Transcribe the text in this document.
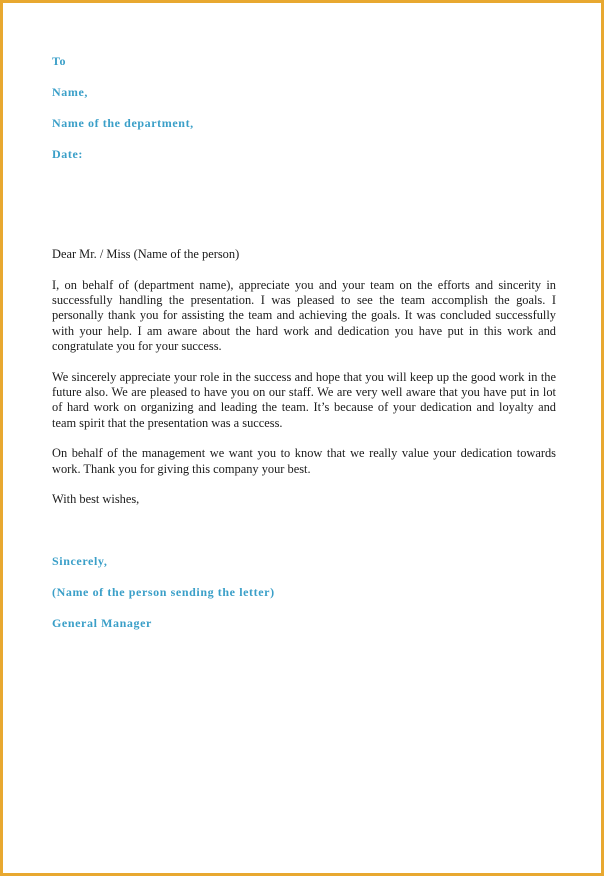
To
Name,
Name of the department,
Date:
Dear Mr. / Miss (Name of the person)

I, on behalf of (department name), appreciate you and your team on the efforts and sincerity in successfully handling the presentation. I was pleased to see the team accomplish the goals. I personally thank you for assisting the team and achieving the goals. It was concluded successfully with your help. I am aware about the hard work and dedication you have put in this work and congratulate you for your success.

We sincerely appreciate your role in the success and hope that you will keep up the good work in the future also. We are pleased to have you on our staff. We are very well aware that you have put in lot of hard work on organizing and leading the team. It’s because of your dedication and loyalty and team spirit that the presentation was a success.

On behalf of the management we want you to know that we really value your dedication towards work. Thank you for giving this company your best.

With best wishes,
Sincerely,
(Name of the person sending the letter)
General Manager
